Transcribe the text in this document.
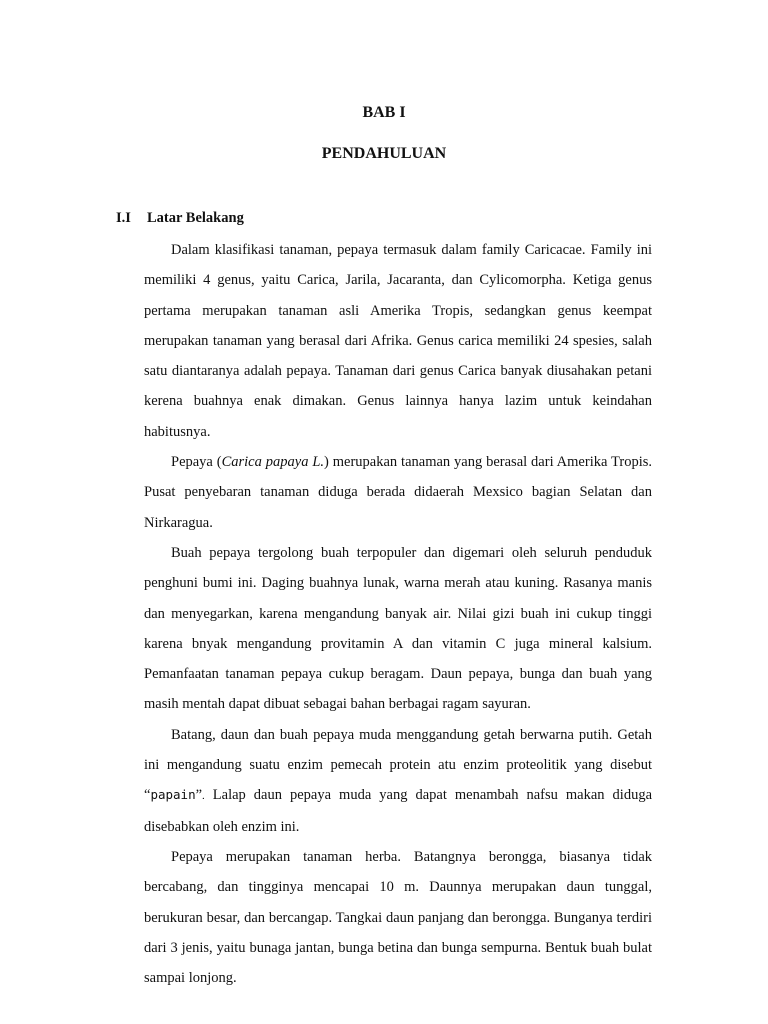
BAB I
PENDAHULUAN
I.I Latar Belakang

Dalam klasifikasi tanaman, pepaya termasuk dalam family Caricacae. Family ini memiliki 4 genus, yaitu Carica, Jarila, Jacaranta, dan Cylicomorpha. Ketiga genus pertama merupakan tanaman asli Amerika Tropis, sedangkan genus keempat merupakan tanaman yang berasal dari Afrika. Genus carica memiliki 24 spesies, salah satu diantaranya adalah pepaya. Tanaman dari genus Carica banyak diusahakan petani kerena buahnya enak dimakan. Genus lainnya hanya lazim untuk keindahan habitusnya.

Pepaya (Carica papaya L.) merupakan tanaman yang berasal dari Amerika Tropis. Pusat penyebaran tanaman diduga berada didaerah Mexsico bagian Selatan dan Nirkaragua.

Buah pepaya tergolong buah terpopuler dan digemari oleh seluruh penduduk penghuni bumi ini. Daging buahnya lunak, warna merah atau kuning. Rasanya manis dan menyegarkan, karena mengandung banyak air. Nilai gizi buah ini cukup tinggi karena bnyak mengandung provitamin A dan vitamin C juga mineral kalsium. Pemanfaatan tanaman pepaya cukup beragam. Daun pepaya, bunga dan buah yang masih mentah dapat dibuat sebagai bahan berbagai ragam sayuran.

Batang, daun dan buah pepaya muda menggandung getah berwarna putih. Getah ini mengandung suatu enzim pemecah protein atu enzim proteolitik yang disebut “papain”. Lalap daun pepaya muda yang dapat menambah nafsu makan diduga disebabkan oleh enzim ini.

Pepaya merupakan tanaman herba. Batangnya berongga, biasanya tidak bercabang, dan tingginya mencapai 10 m. Daunnya merupakan daun tunggal, berukuran besar, dan bercangap. Tangkai daun panjang dan berongga. Bunganya terdiri dari 3 jenis, yaitu bunaga jantan, bunga betina dan bunga sempurna. Bentuk buah bulat sampai lonjong.
